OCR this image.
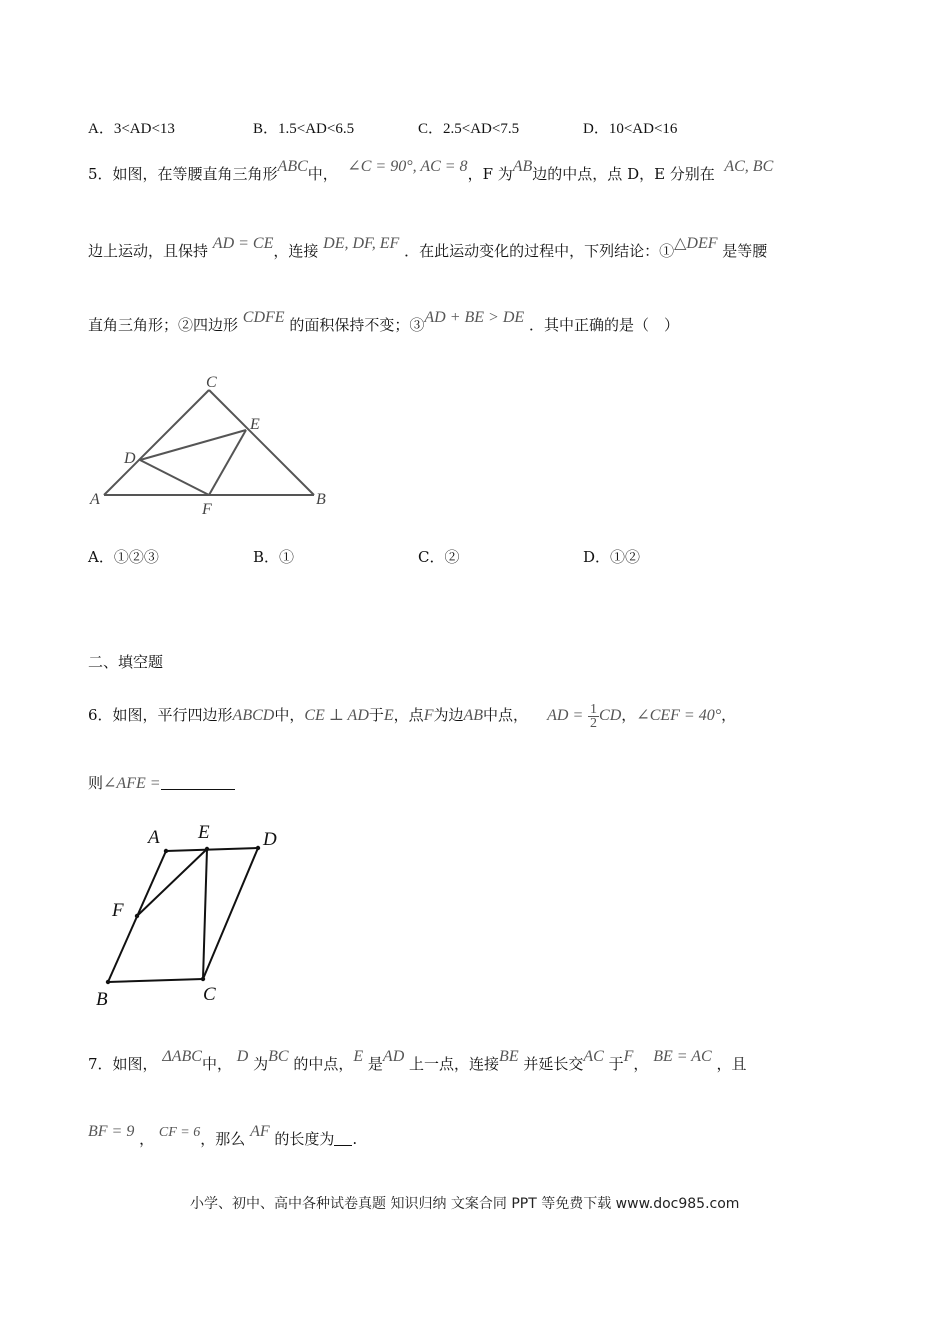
A．3<AD<13	B．1.5<AD<6.5	C．2.5<AD<7.5	D．10<AD<16
5．如图，在等腰直角三角形ABC中， ∠C = 90°, AC = 8，F 为AB边的中点，点 D，E 分别在 AC, BC
边上运动，且保持 AD = CE，连接 DE, DF, EF ．在此运动变化的过程中，下列结论：①△DEF 是等腰
直角三角形；②四边形 CDFE 的面积保持不变；③AD + BE > DE ．其中正确的是（　）
A	B
C
D
E
F
A．①②③	B．①	C．②	D．①②
二、填空题
6．如图，平行四边形ABCD中，CE ⊥ AD于E，点F为边AB中点， AD = $\frac{1}{2}$ CD，∠CEF = 40°，
则∠AFE =
A E	D
F
B	C
7．如图， ΔABC中， D 为BC 的中点，E 是AD 上一点，连接BE 并延长交AC 于F， BE = AC ，且
BF = 9 ， CF = 6，那么 AF 的长度为 .
小学、初中、高中各种试卷真题 知识归纳 文案合同 PPT 等免费下载 www.doc985.com
